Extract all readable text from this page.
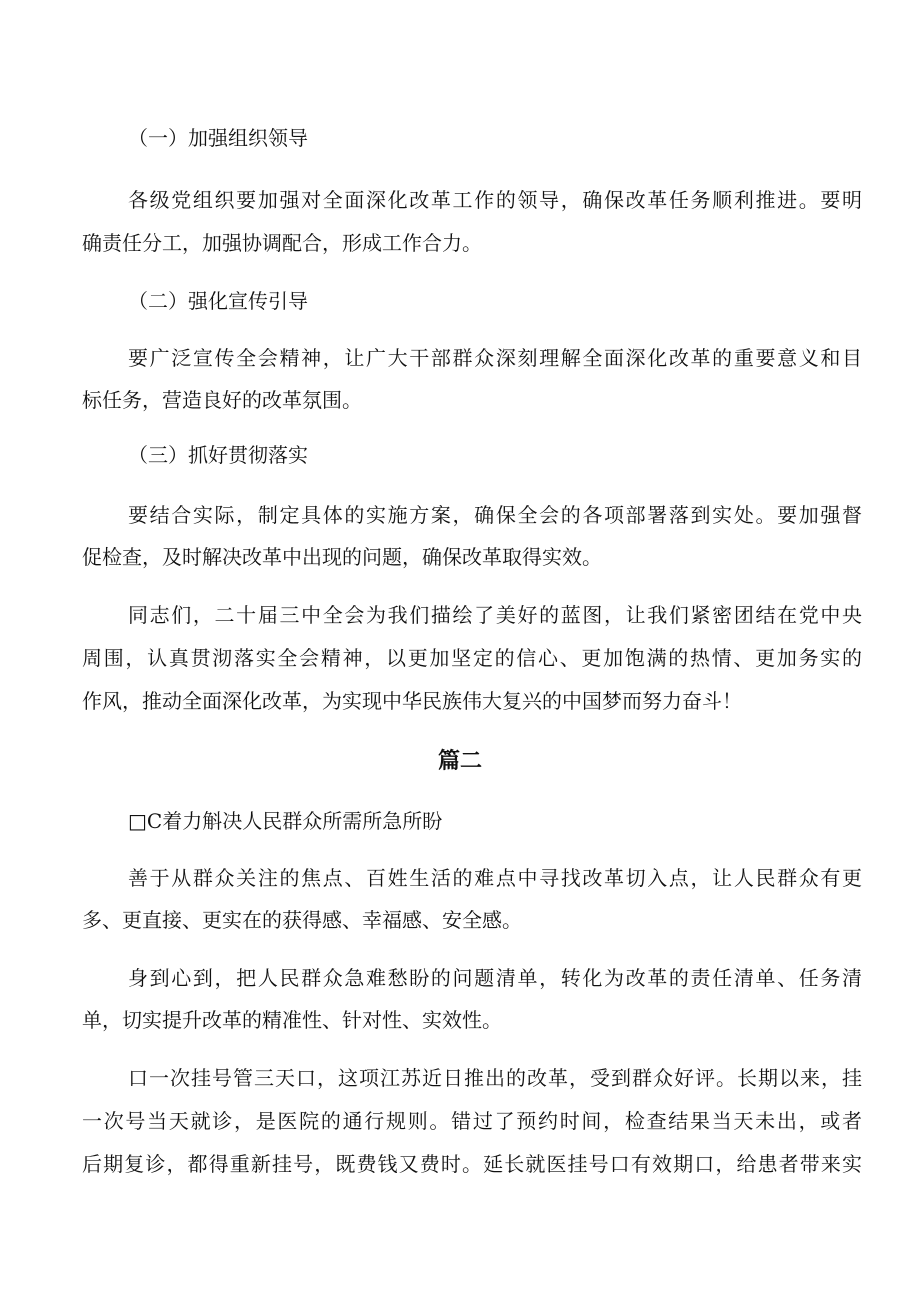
（一）加强组织领导
各级党组织要加强对全面深化改革工作的领导，确保改革任务顺利推进。要明
确责任分工，加强协调配合，形成工作合力。
（二）强化宣传引导
要广泛宣传全会精神，让广大干部群众深刻理解全面深化改革的重要意义和目
标任务，营造良好的改革氛围。
（三）抓好贯彻落实
要结合实际，制定具体的实施方案，确保全会的各项部署落到实处。要加强督
促检查，及时解决改革中出现的问题，确保改革取得实效。
同志们，二十届三中全会为我们描绘了美好的蓝图，让我们紧密团结在党中央
周围，认真贯沏落实全会精神，以更加坚定的信心、更加饱满的热情、更加务实的
作风，推动全面深化改革，为实现中华民族伟大复兴的中国梦而努力奋斗！
篇二
□C着力斛决人民群众所需所急所盼
善于从群众关注的焦点、百姓生活的难点中寻找改革切入点，让人民群众有更
多、更直接、更实在的获得感、幸福感、安全感。
身到心到，把人民群众急难愁盼的问题清单，转化为改革的责任清单、任务清
单，切实提升改革的精准性、针对性、实效性。
口一次挂号管三天口，这项江苏近日推出的改革，受到群众好评。长期以来，挂
一次号当天就诊，是医院的通行规则。错过了预约时间，检查结果当天未出，或者
后期复诊，都得重新挂号，既费钱又费时。延长就医挂号口有效期口，给患者带来实
